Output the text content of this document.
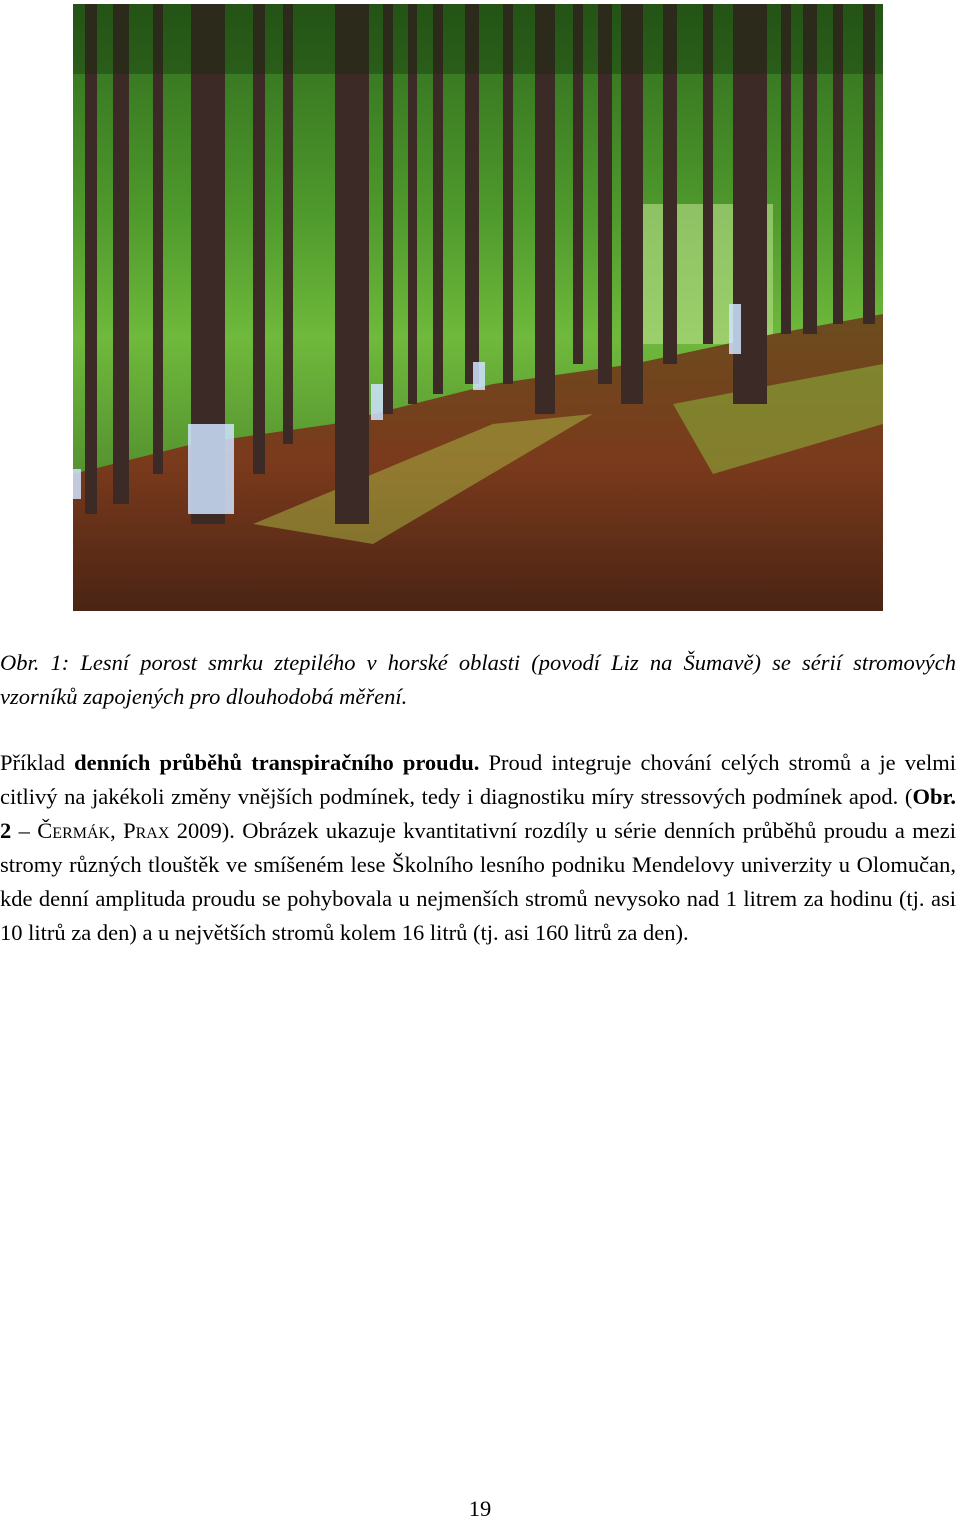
Obr. 1: Lesní porost smrku ztepilého v horské oblasti (povodí Liz na Šumavě) se sérií stromových vzorníků zapojených pro dlouhodobá měření.
Příklad denních průběhů transpiračního proudu. Proud integruje chování celých stromů a je velmi citlivý na jakékoli změny vnějších podmínek, tedy i diagnostiku míry stressových podmínek apod. (Obr. 2 – Čermák, Prax 2009). Obrázek ukazuje kvantitativní rozdíly u série denních průběhů proudu a mezi stromy různých tlouštěk ve smíšeném lese Školního lesního podniku Mendelovy univerzity u Olomučan, kde denní amplituda proudu se pohybovala u nejmenších stromů nevysoko nad 1 litrem za hodinu (tj. asi 10 litrů za den) a u největších stromů kolem 16 litrů (tj. asi 160 litrů za den).
19
